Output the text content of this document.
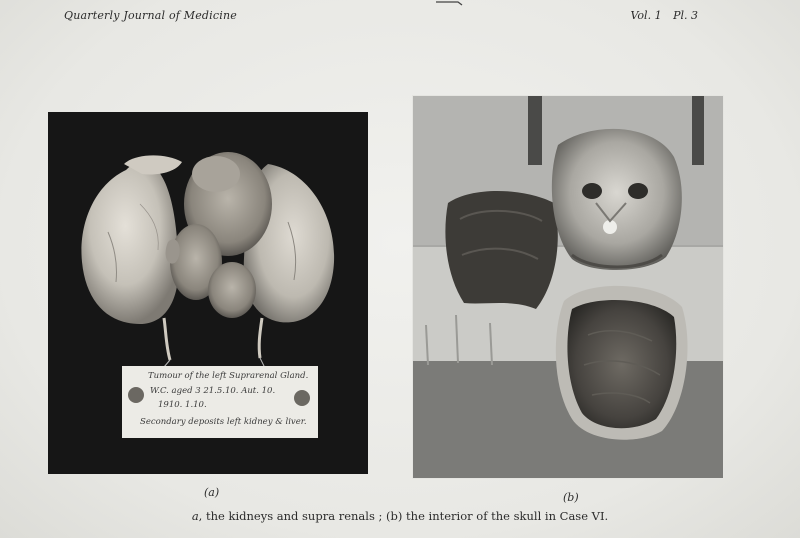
Quarterly Journal of Medicine	Vol. 1 Pl. 3
Tumour of the left Suprarenal Gland.
W.C. aged 3 21.5.10. Aut. 10.
1910. 1.10.
Secondary deposits left kidney & liver.
(a)	(b)
a, the kidneys and supra renals ; (b) the interior of the skull in Case VI.
